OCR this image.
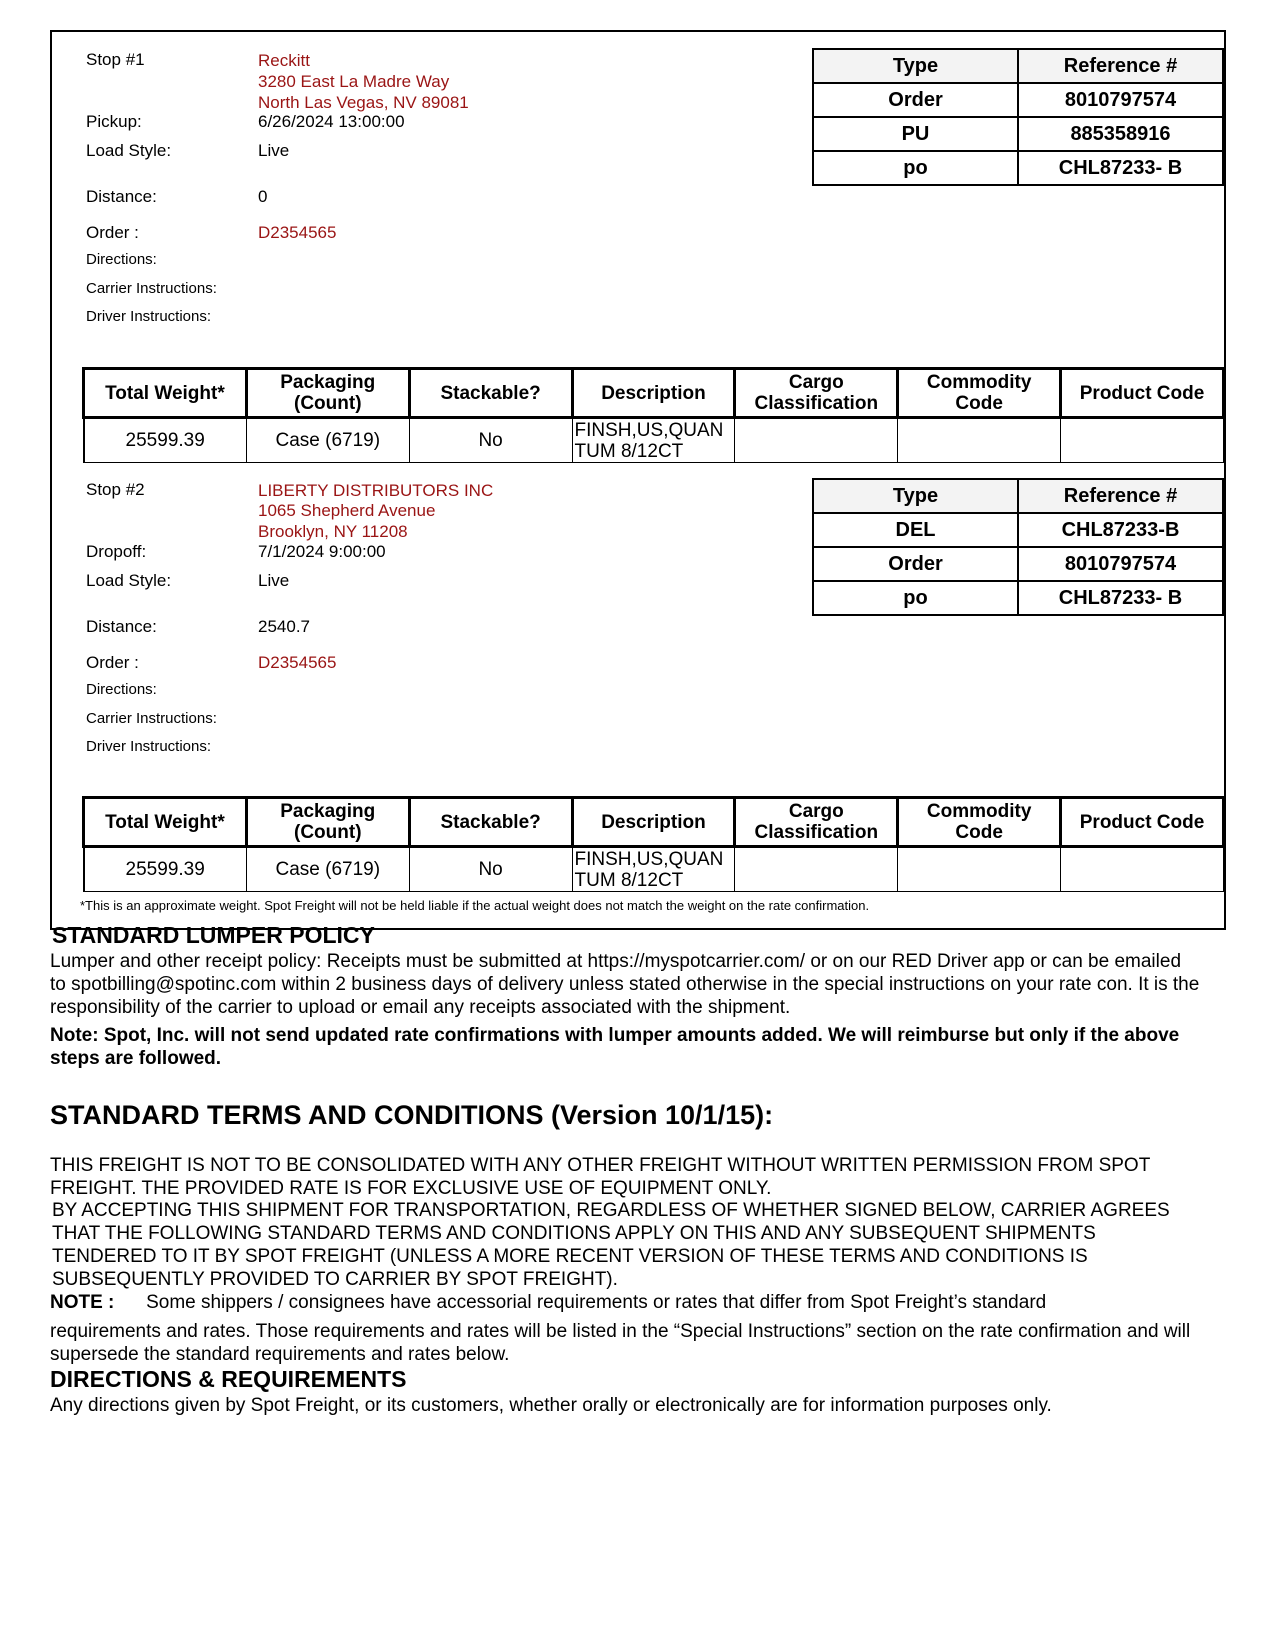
Stop #1	Reckitt
3280 East La Madre Way
North Las Vegas, NV 89081
Pickup:	6/26/2024 13:00:00
Load Style:	Live
Distance:	0
Order :	D2354565
Directions:
Carrier Instructions:
Driver Instructions:
Type	Reference #
Order	8010797574
PU	885358916
po	CHL87233- B
Total Weight*	Packaging (Count)	Stackable?	Description	Cargo Classification	Commodity Code	Product Code
25599.39	Case (6719)	No	FINSH,US,QUANTUM 8/12CT			
Stop #2	LIBERTY DISTRIBUTORS INC
1065 Shepherd Avenue
Brooklyn, NY 11208
Dropoff:	7/1/2024 9:00:00
Load Style:	Live
Distance:	2540.7
Order :	D2354565
Directions:
Carrier Instructions:
Driver Instructions:
Type	Reference #
DEL	CHL87233-B
Order	8010797574
po	CHL87233- B
Total Weight*	Packaging (Count)	Stackable?	Description	Cargo Classification	Commodity Code	Product Code
25599.39	Case (6719)	No	FINSH,US,QUANTUM 8/12CT			
*This is an approximate weight. Spot Freight will not be held liable if the actual weight does not match the weight on the rate confirmation.
STANDARD LUMPER POLICY
Lumper and other receipt policy: Receipts must be submitted at https://myspotcarrier.com/ or on our RED Driver app or can be emailed to spotbilling@spotinc.com within 2 business days of delivery unless stated otherwise in the special instructions on your rate con. It is the responsibility of the carrier to upload or email any receipts associated with the shipment.
Note: Spot, Inc. will not send updated rate confirmations with lumper amounts added. We will reimburse but only if the above steps are followed.
STANDARD TERMS AND CONDITIONS (Version 10/1/15):
THIS FREIGHT IS NOT TO BE CONSOLIDATED WITH ANY OTHER FREIGHT WITHOUT WRITTEN PERMISSION FROM SPOT FREIGHT. THE PROVIDED RATE IS FOR EXCLUSIVE USE OF EQUIPMENT ONLY.
BY ACCEPTING THIS SHIPMENT FOR TRANSPORTATION, REGARDLESS OF WHETHER SIGNED BELOW, CARRIER AGREES THAT THE FOLLOWING STANDARD TERMS AND CONDITIONS APPLY ON THIS AND ANY SUBSEQUENT SHIPMENTS TENDERED TO IT BY SPOT FREIGHT (UNLESS A MORE RECENT VERSION OF THESE TERMS AND CONDITIONS IS SUBSEQUENTLY PROVIDED TO CARRIER BY SPOT FREIGHT).
NOTE : Some shippers / consignees have accessorial requirements or rates that differ from Spot Freight’s standard
requirements and rates. Those requirements and rates will be listed in the “Special Instructions” section on the rate confirmation and will supersede the standard requirements and rates below.
DIRECTIONS & REQUIREMENTS
Any directions given by Spot Freight, or its customers, whether orally or electronically are for information purposes only.
